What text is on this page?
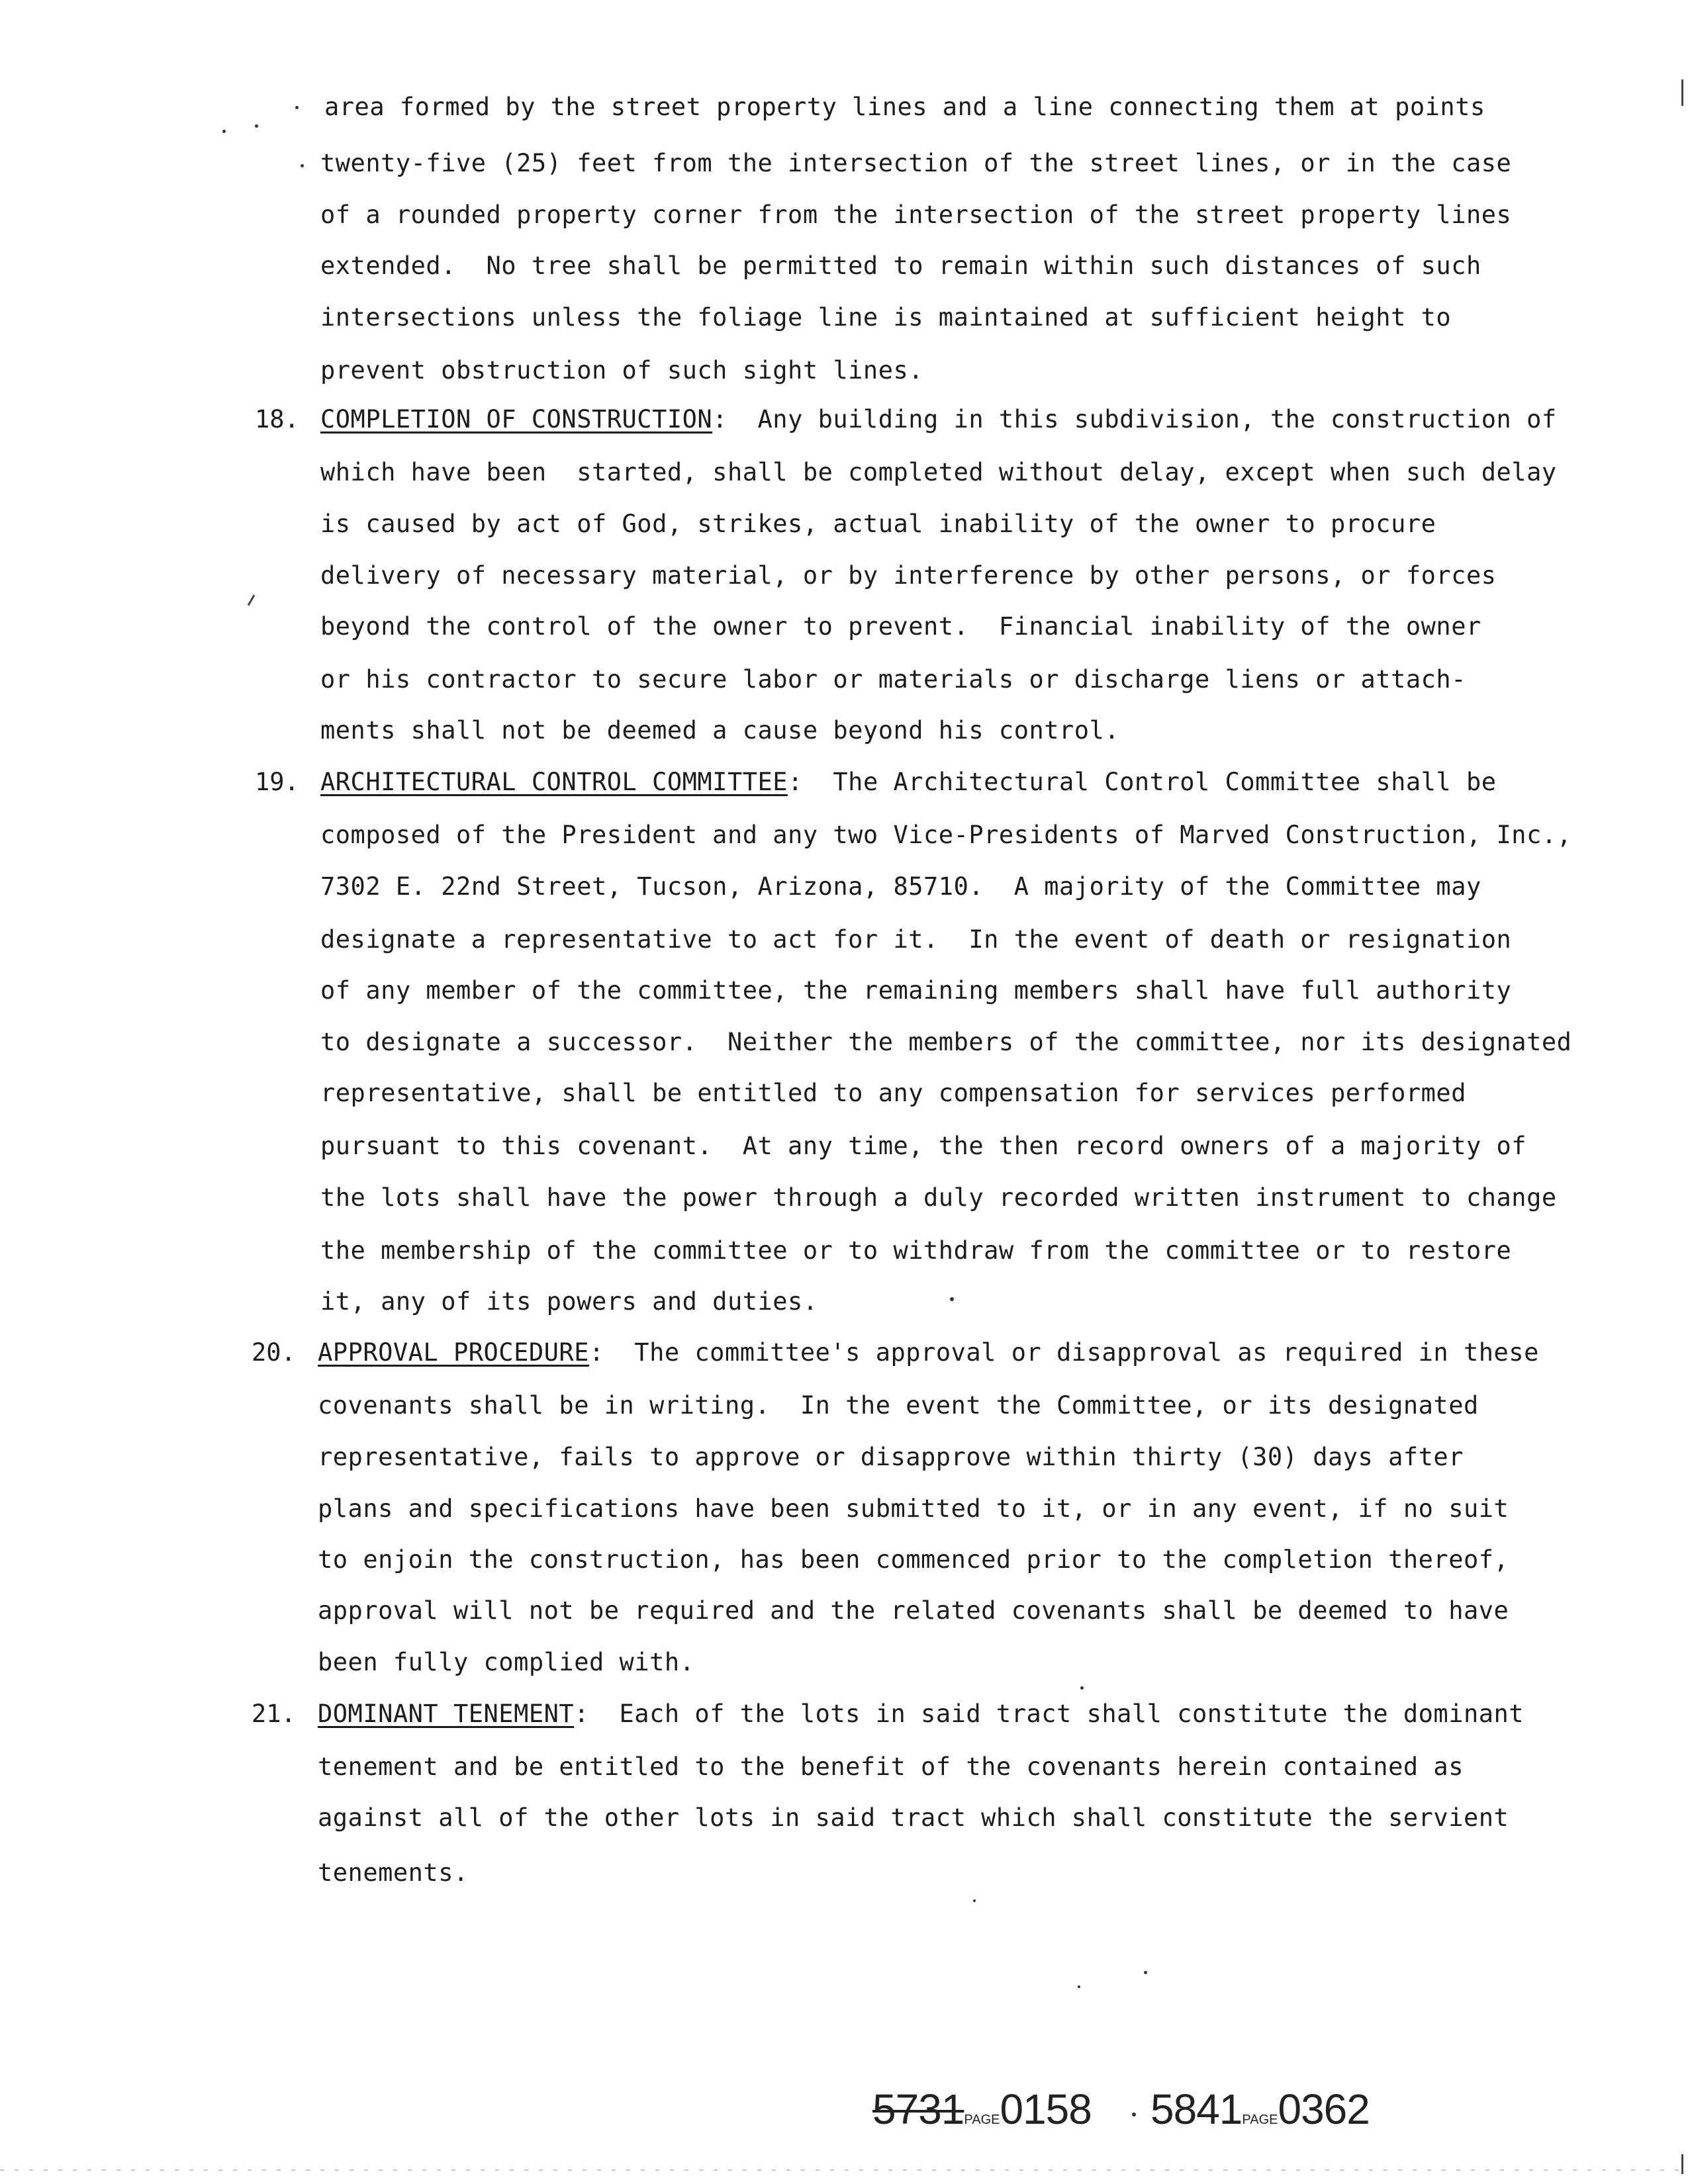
area formed by the street property lines and a line connecting them at points
twenty-five (25) feet from the intersection of the street lines, or in the case
of a rounded property corner from the intersection of the street property lines
extended.  No tree shall be permitted to remain within such distances of such
intersections unless the foliage line is maintained at sufficient height to
prevent obstruction of such sight lines.
18. COMPLETION OF CONSTRUCTION:  Any building in this subdivision, the construction of
which have been  started, shall be completed without delay, except when such delay
is caused by act of God, strikes, actual inability of the owner to procure
delivery of necessary material, or by interference by other persons, or forces
beyond the control of the owner to prevent.  Financial inability of the owner
or his contractor to secure labor or materials or discharge liens or attach-
ments shall not be deemed a cause beyond his control.
19. ARCHITECTURAL CONTROL COMMITTEE:  The Architectural Control Committee shall be
composed of the President and any two Vice-Presidents of Marved Construction, Inc.,
7302 E. 22nd Street, Tucson, Arizona, 85710.  A majority of the Committee may
designate a representative to act for it.  In the event of death or resignation
of any member of the committee, the remaining members shall have full authority
to designate a successor.  Neither the members of the committee, nor its designated
representative, shall be entitled to any compensation for services performed
pursuant to this covenant.  At any time, the then record owners of a majority of
the lots shall have the power through a duly recorded written instrument to change
the membership of the committee or to withdraw from the committee or to restore
it, any of its powers and duties.
20. APPROVAL PROCEDURE:  The committee's approval or disapproval as required in these
covenants shall be in writing.  In the event the Committee, or its designated
representative, fails to approve or disapprove within thirty (30) days after
plans and specifications have been submitted to it, or in any event, if no suit
to enjoin the construction, has been commenced prior to the completion thereof,
approval will not be required and the related covenants shall be deemed to have
been fully complied with.
21. DOMINANT TENEMENT:  Each of the lots in said tract shall constitute the dominant
tenement and be entitled to the benefit of the covenants herein contained as
against all of the other lots in said tract which shall constitute the servient
tenements.
5731PAGE0158 5841PAGE0362
